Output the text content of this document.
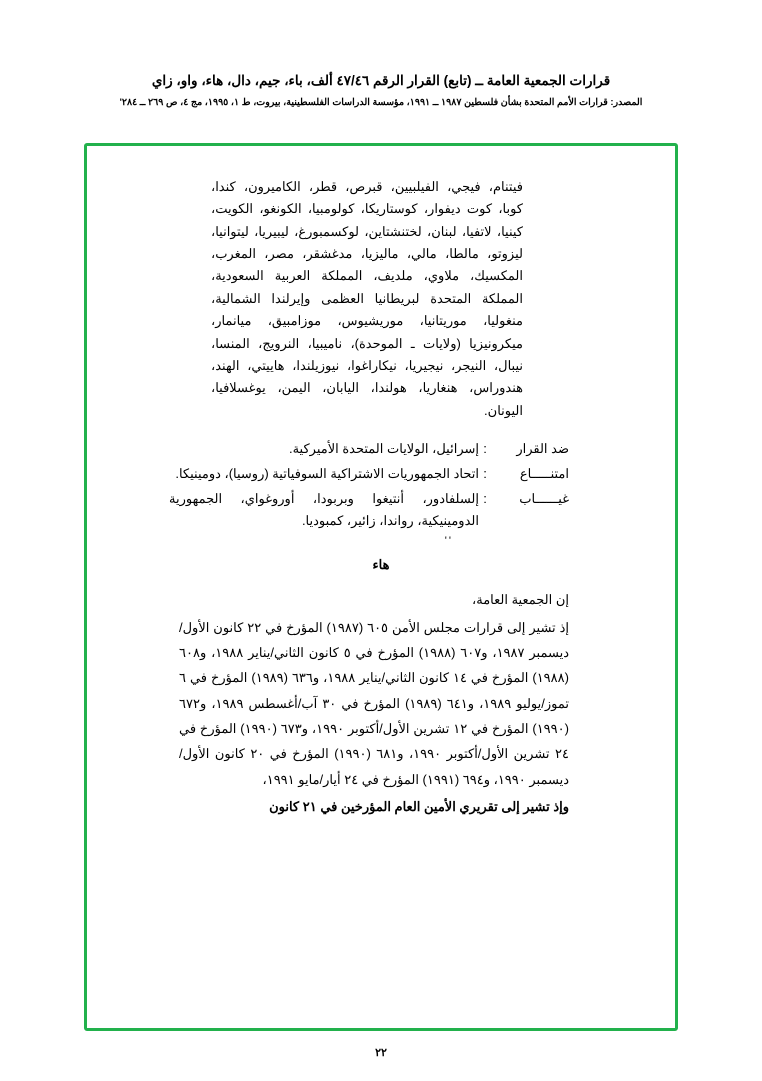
قرارات الجمعية العامة ــ (تابع) القرار الرقم ٤٧/٤٦ ألف، باء، جيم، دال، هاء، واو، زاي
المصدر: قرارات الأمم المتحدة بشأن فلسطين ١٩٨٧ ــ ١٩٩١، مؤسسة الدراسات الفلسطينية، بيروت، ط ١، ١٩٩٥، مج ٤، ص ٢٦٩ ــ ٢٨٤'
فيتنام، فيجي، الفيلبيين، قبرص، قطر، الكاميرون، كندا، كوبا، كوت ديفوار، كوستاريكا، كولومبيا، الكونغو، الكويت، كينيا، لاتفيا، لبنان، لختنشتاين، لوكسمبورغ، ليبيريا، ليتوانيا، ليزوتو، مالطا، مالي، ماليزيا، مدغشقر، مصر، المغرب، المكسيك، ملاوي، ملديف، المملكة العربية السعودية، المملكة المتحدة لبريطانيا العظمى وإيرلندا الشمالية، منغوليا، موريتانيا، موريشيوس، موزامبيق، ميانمار، ميكرونيزيا (ولايات ـ الموحدة)، ناميبيا، النرويج، المنسا، نيبال، النيجر، نيجيريا، نيكاراغوا، نيوزيلندا، هاييتي، الهند، هندوراس، هنغاريا، هولندا، اليابان، اليمن، يوغسلافيا، اليونان.
ضد القرار
:
إسرائيل، الولايات المتحدة الأميركية.
امتنـــــاع
:
اتحاد الجمهوريات الاشتراكية السوفياتية (روسيا)، دومينيكا.
غيــــــاب
:
إلسلفادور، أنتيغوا وبربودا، أوروغواي، الجمهورية الدومينيكية، رواندا، زائير، كمبوديا.
''
هاء

إن الجمعية العامة،

إذ تشير إلى قرارات مجلس الأمن ٦٠٥ (١٩٨٧) المؤرخ في ٢٢ كانون الأول/ديسمبر ١٩٨٧، و٦٠٧ (١٩٨٨) المؤرخ في ٥ كانون الثاني/يناير ١٩٨٨، و٦٠٨ (١٩٨٨) المؤرخ في ١٤ كانون الثاني/يناير ١٩٨٨، و٦٣٦ (١٩٨٩) المؤرخ في ٦ تموز/يوليو ١٩٨٩، و٦٤١ (١٩٨٩) المؤرخ في ٣٠ آب/أغسطس ١٩٨٩، و٦٧٢ (١٩٩٠) المؤرخ في ١٢ تشرين الأول/أكتوبر ١٩٩٠، و٦٧٣ (١٩٩٠) المؤرخ في ٢٤ تشرين الأول/أكتوبر ١٩٩٠، و٦٨١ (١٩٩٠) المؤرخ في ٢٠ كانون الأول/ديسمبر ١٩٩٠، و٦٩٤ (١٩٩١) المؤرخ في ٢٤ أيار/مايو ١٩٩١،

وإذ تشير إلى تقريري الأمين العام المؤرخين في ٢١ كانون

٢٢
